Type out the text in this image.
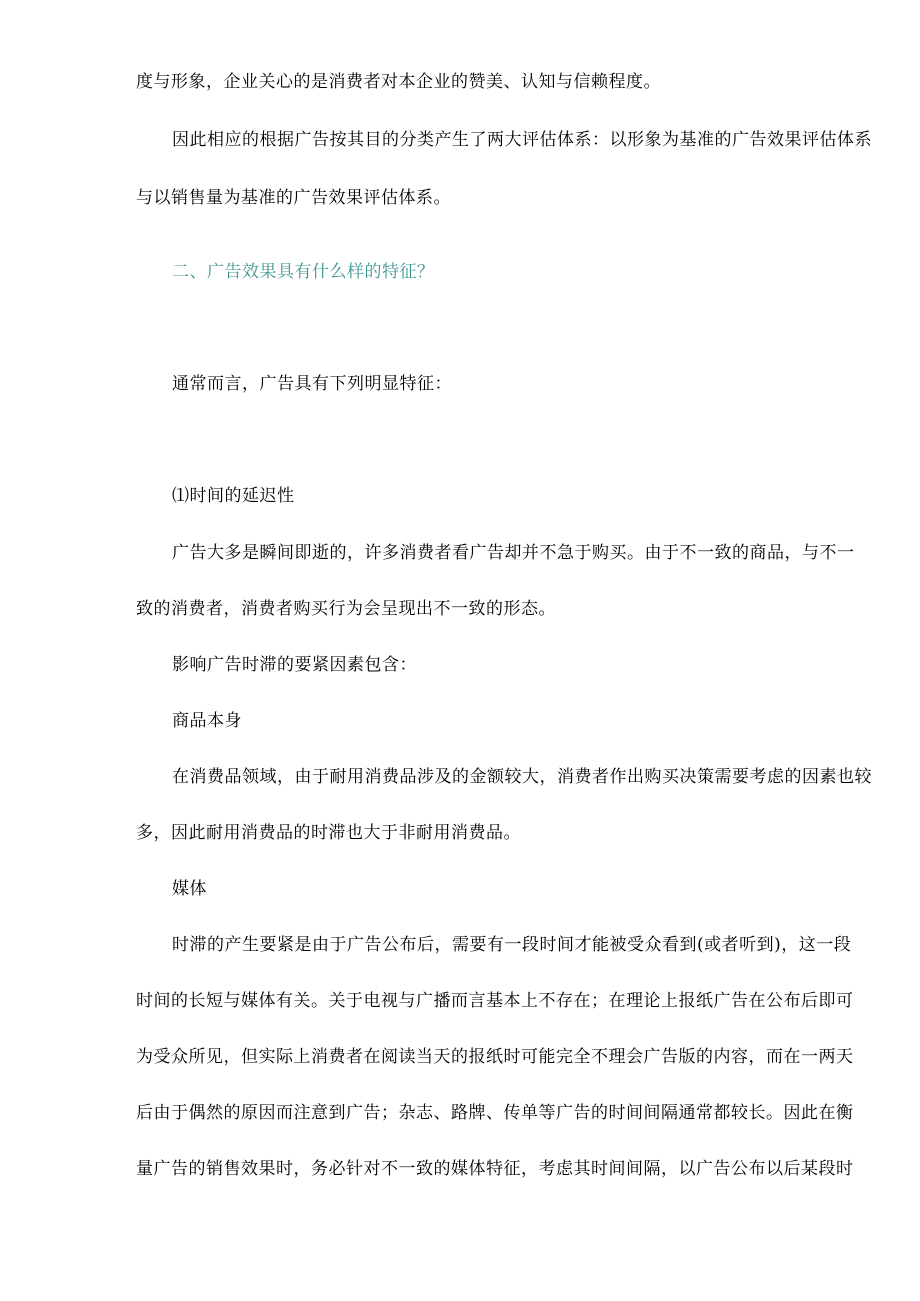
度与形象，企业关心的是消费者对本企业的赞美、认知与信赖程度。
因此相应的根据广告按其目的分类产生了两大评估体系：以形象为基准的广告效果评估体系
与以销售量为基准的广告效果评估体系。
二、广告效果具有什么样的特征？
通常而言，广告具有下列明显特征：
⑴时间的延迟性
广告大多是瞬间即逝的，许多消费者看广告却并不急于购买。由于不一致的商品，与不一
致的消费者，消费者购买行为会呈现出不一致的形态。
影响广告时滞的要紧因素包含：
商品本身
在消费品领域，由于耐用消费品涉及的金额较大，消费者作出购买决策需要考虑的因素也较
多，因此耐用消费品的时滞也大于非耐用消费品。
媒体
时滞的产生要紧是由于广告公布后，需要有一段时间才能被受众看到(或者听到)，这一段
时间的长短与媒体有关。关于电视与广播而言基本上不存在；在理论上报纸广告在公布后即可
为受众所见，但实际上消费者在阅读当天的报纸时可能完全不理会广告版的内容，而在一两天
后由于偶然的原因而注意到广告；杂志、路牌、传单等广告的时间间隔通常都较长。因此在衡
量广告的销售效果时，务必针对不一致的媒体特征，考虑其时间间隔，以广告公布以后某段时
